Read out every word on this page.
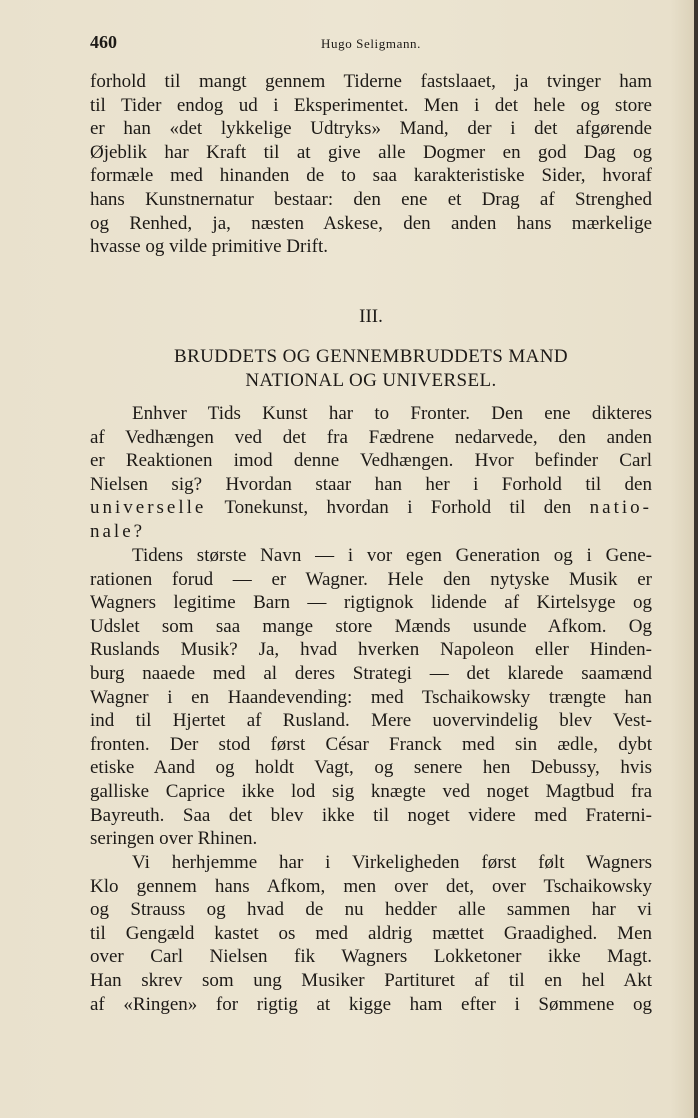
460	Hugo Seligmann.
forhold til mangt gennem Tiderne fastslaaet, ja tvinger ham
til Tider endog ud i Eksperimentet. Men i det hele og store
er han «det lykkelige Udtryks» Mand, der i det afgørende
Øjeblik har Kraft til at give alle Dogmer en god Dag og
formæle med hinanden de to saa karakteristiske Sider, hvoraf
hans Kunstnernatur bestaar: den ene et Drag af Strenghed
og Renhed, ja, næsten Askese, den anden hans mærkelige
hvasse og vilde primitive Drift.
III.
BRUDDETS OG GENNEMBRUDDETS MAND
NATIONAL OG UNIVERSEL.
Enhver Tids Kunst har to Fronter. Den ene dikteres
af Vedhængen ved det fra Fædrene nedarvede, den anden
er Reaktionen imod denne Vedhængen. Hvor befinder Carl
Nielsen sig? Hvordan staar han her i Forhold til den
universelle Tonekunst, hvordan i Forhold til den natio-
nale?
Tidens største Navn — i vor egen Generation og i Gene-
rationen forud — er Wagner. Hele den nytyske Musik er
Wagners legitime Barn — rigtignok lidende af Kirtelsyge og
Udslet som saa mange store Mænds usunde Afkom. Og
Ruslands Musik? Ja, hvad hverken Napoleon eller Hinden-
burg naaede med al deres Strategi — det klarede saamænd
Wagner i en Haandevending: med Tschaikowsky trængte han
ind til Hjertet af Rusland. Mere uovervindelig blev Vest-
fronten. Der stod først César Franck med sin ædle, dybt
etiske Aand og holdt Vagt, og senere hen Debussy, hvis
galliske Caprice ikke lod sig knægte ved noget Magtbud fra
Bayreuth. Saa det blev ikke til noget videre med Fraterni-
seringen over Rhinen.
Vi herhjemme har i Virkeligheden først følt Wagners
Klo gennem hans Afkom, men over det, over Tschaikowsky
og Strauss og hvad de nu hedder alle sammen har vi
til Gengæld kastet os med aldrig mættet Graadighed. Men
over Carl Nielsen fik Wagners Lokketoner ikke Magt.
Han skrev som ung Musiker Partituret af til en hel Akt
af «Ringen» for rigtig at kigge ham efter i Sømmene og
